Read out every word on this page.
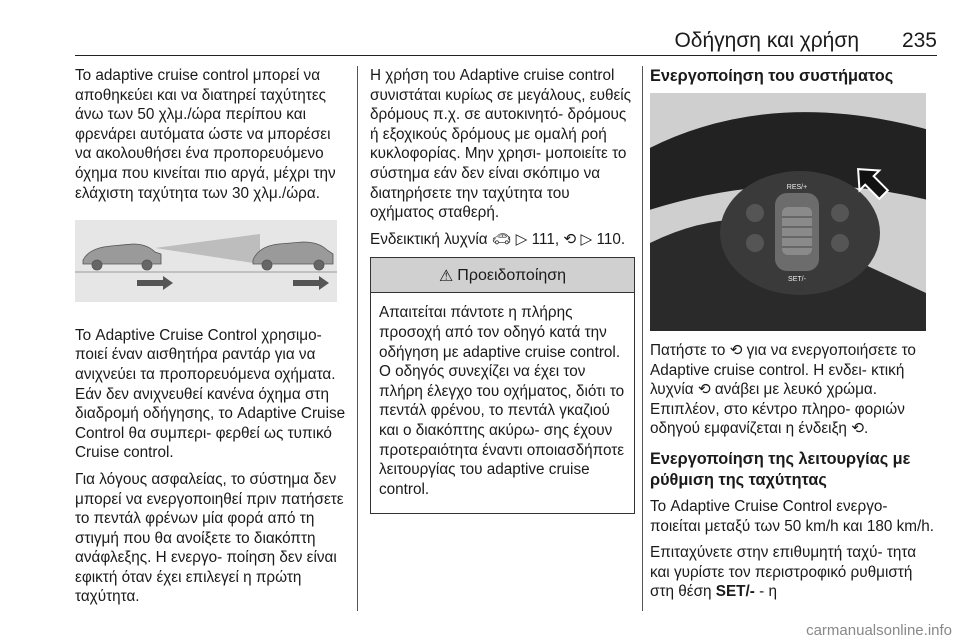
Οδήγηση και χρήση 235

Το adaptive cruise control μπορεί να αποθηκεύει και να διατηρεί ταχύτητες άνω των 50 χλμ./ώρα περίπου και φρενάρει αυτόματα ώστε να μπορέσει να ακολουθήσει ένα προπορευόμενο όχημα που κινείται πιο αργά, μέχρι την ελάχιστη ταχύτητα των 30 χλμ./ώρα.

Το Adaptive Cruise Control χρησιμο- ποιεί έναν αισθητήρα ραντάρ για να ανιχνεύει τα προπορευόμενα οχήματα. Εάν δεν ανιχνευθεί κανένα όχημα στη διαδρομή οδήγησης, το Adaptive Cruise Control θα συμπερι- φερθεί ως τυπικό Cruise control.

Για λόγους ασφαλείας, το σύστημα δεν μπορεί να ενεργοποιηθεί πριν πατήσετε το πεντάλ φρένων μία φορά από τη στιγμή που θα ανοίξετε το διακόπτη ανάφλεξης. Η ενεργο- ποίηση δεν είναι εφικτή όταν έχει επιλεγεί η πρώτη ταχύτητα.

Η χρήση του Adaptive cruise control συνιστάται κυρίως σε μεγάλους, ευθείς δρόμους π.χ. σε αυτοκινητό- δρόμους ή εξοχικούς δρόμους με ομαλή ροή κυκλοφορίας. Μην χρησι- μοποιείτε το σύστημα εάν δεν είναι σκόπιμο να διατηρήσετε την ταχύτητα του οχήματος σταθερή.

Ενδεικτική λυχνία 🚗︎ ▷ 111, ⟲ ▷ 110.

⚠ Προειδοποίηση
Απαιτείται πάντοτε η πλήρης προσοχή από τον οδηγό κατά την οδήγηση με adaptive cruise control. Ο οδηγός συνεχίζει να έχει τον πλήρη έλεγχο του οχήματος, διότι το πεντάλ φρένου, το πεντάλ γκαζιού και ο διακόπτης ακύρω- σης έχουν προτεραιότητα έναντι οποιασδήποτε λειτουργίας του adaptive cruise control.
Ενεργοποίηση του συστήματος
RES/+
SET/-

Πατήστε το ⟲ για να ενεργοποιήσετε το Adaptive cruise control. Η ενδει- κτική λυχνία ⟲ ανάβει με λευκό χρώμα. Επιπλέον, στο κέντρο πληρο- φοριών οδηγού εμφανίζεται η ένδειξη ⟲.

Ενεργοποίηση της λειτουργίας με ρύθμιση της ταχύτητας

Το Adaptive Cruise Control ενεργο- ποιείται μεταξύ των 50 km/h και 180 km/h.

Επιταχύνετε στην επιθυμητή ταχύ- τητα και γυρίστε τον περιστροφικό ρυθμιστή στη θέση SET/- - η

carmanualsonline.info
